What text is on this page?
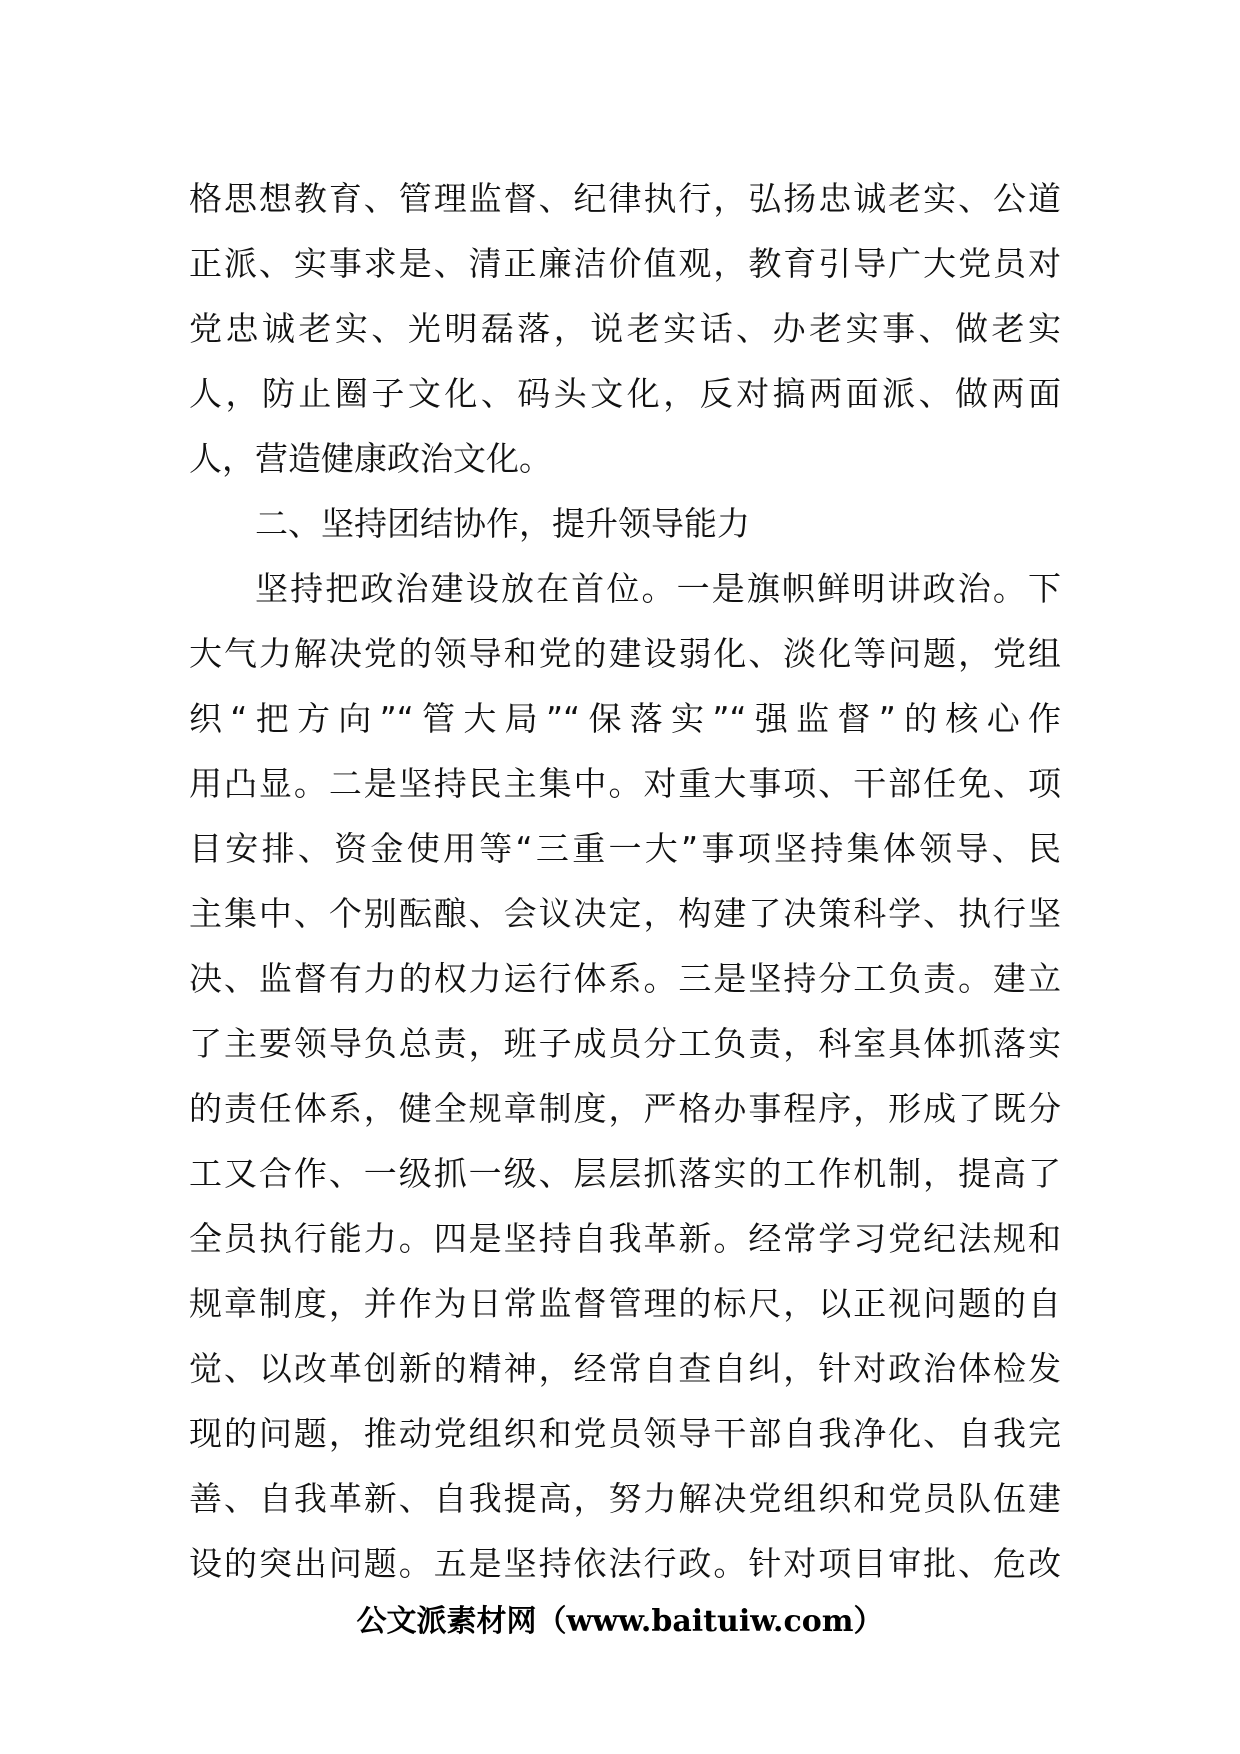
格思想教育、管理监督、纪律执行，弘扬忠诚老实、公道
正派、实事求是、清正廉洁价值观，教育引导广大党员对
党忠诚老实、光明磊落，说老实话、办老实事、做老实
人，防止圈子文化、码头文化，反对搞两面派、做两面
人，营造健康政治文化。
二、坚持团结协作，提升领导能力
坚持把政治建设放在首位。一是旗帜鲜明讲政治。下
大气力解决党的领导和党的建设弱化、淡化等问题，党组
织“把方向”“管大局”“保落实”“强监督”的核心作
用凸显。二是坚持民主集中。对重大事项、干部任免、项
目安排、资金使用等“三重一大”事项坚持集体领导、民
主集中、个别酝酿、会议决定，构建了决策科学、执行坚
决、监督有力的权力运行体系。三是坚持分工负责。建立
了主要领导负总责，班子成员分工负责，科室具体抓落实
的责任体系，健全规章制度，严格办事程序，形成了既分
工又合作、一级抓一级、层层抓落实的工作机制，提高了
全员执行能力。四是坚持自我革新。经常学习党纪法规和
规章制度，并作为日常监督管理的标尺，以正视问题的自
觉、以改革创新的精神，经常自查自纠，针对政治体检发
现的问题，推动党组织和党员领导干部自我净化、自我完
善、自我革新、自我提高，努力解决党组织和党员队伍建
设的突出问题。五是坚持依法行政。针对项目审批、危改
公文派素材网（www.baituiw.com）
